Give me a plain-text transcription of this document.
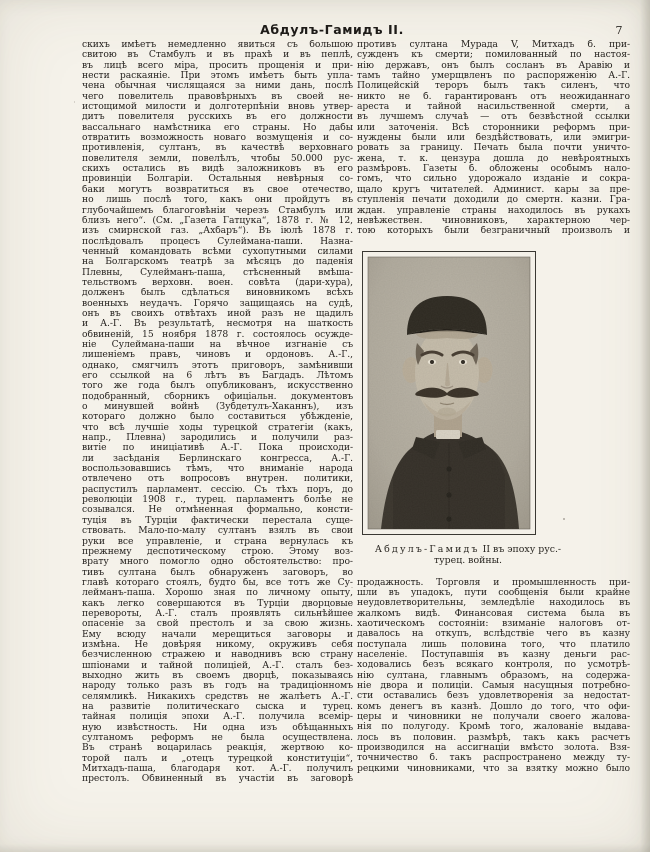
Абдулъ-Гамидъ II.	7
скихъ имѣетъ немедленно явиться съ большою
свитою въ Стамбулъ и въ прахѣ и въ пеплѣ,
въ лицѣ всего міра, просить прощенія и при-
нести раскаяніе. При этомъ имѣетъ быть упла-
чена обычная числящаяся за ними дань, послѣ
чего повелитель правовѣрныхъ въ своей не-
истощимой милости и долготерпѣніи вновь утвер-
дитъ повелителя русскихъ въ его должности
вассальнаго намѣстника его страны. Но дабы
отвратить возможность новаго возмущенія и со-
противленія, султанъ, въ качествѣ верховнаго
повелителя земли, повелѣлъ, чтобы 50.000 рус-
скихъ остались въ видѣ заложниковъ въ его
провинціи Болгаріи. Остальныя невѣрныя со-
баки могутъ возвратиться въ свое отечество,
но лишь послѣ того, какъ они пройдутъ въ
глубочайшемъ благоговѣніи черезъ Стамбулъ или
близъ него“. (См. „Газета Гатцука“, 1878 г. № 12,
изъ смирнской газ. „Ахбаръ“). Въ іюлѣ 1878 г.
послѣдовалъ процесъ Сулеймана-паши. Назна-
ченный командовать всѣми сухопутными силами
на Болгарскомъ театрѣ за мѣсяцъ до паденія
Плевны, Сулейманъ-паша, стѣсненный вмѣша-
тельствомъ верховн. воен. совѣта (дари-хура),
долженъ былъ сдѣлаться виновникомъ всѣхъ
военныхъ неудачъ. Горячо защищаясь на судѣ,
онъ въ своихъ отвѣтахъ иной разъ не щадилъ
и А.-Г. Въ результатѣ, несмотря на шаткость
обвиненій, 15 ноября 1878 г. состоялось осужде-
ніе Сулеймана-паши на вѣчное изгнаніе съ
лишеніемъ правъ, чиновъ и ордоновъ. А.-Г.,
однако, смягчилъ этотъ приговоръ, замѣнивши
его ссылкой на 6 лѣтъ въ Багдадъ. Лѣтомъ
того же года былъ опубликованъ, искусственно
подобранный, сборникъ офиціальн. документовъ
о минувшей войнѣ (Зубдетулъ-Хаканнъ), изъ
котораго должно было составиться убѣжденіе,
что всѣ лучшіе ходы турецкой стратегіи (какъ,
напр., Плевна) зародились и получили раз-
витіе по иниціативѣ А.-Г. Пока происходи-
ли засѣданія Берлинскаго конгресса, А.-Г.
воспользовавшись тѣмъ, что вниманіе народа
отвлечено отъ вопросовъ внутрен. политики,
распустилъ парламент. сессію. Съ тѣхъ поръ, до
революціи 1908 г., турец. парламентъ болѣе не
созывался. Не отмѣненная формально, консти-
туція въ Турціи фактически перестала суще-
ствовать. Мало-по-малу султанъ взялъ въ свои
руки все управленіе, и страна вернулась къ
прежнему деспотическому строю. Этому воз-
врату много помогло одно обстоятельство: про-
тивъ султана былъ обнаруженъ заговоръ, во
главѣ котораго стоялъ, будто бы, все тотъ же Су-
лейманъ-паша. Хорошо зная по личному опыту,
какъ легко совершаются въ Турціи дворцовые
перевороты, А.-Г. сталъ проявлять сильнѣйшее
опасеніе за свой престолъ и за свою жизнь.
Ему всюду начали мерещиться заговоры и
измѣна. Не довѣряя никому, окруживъ себя
безчисленною стражею и наводнивъ всю страну
шпіонами и тайной полиціей, А.-Г. сталъ без-
выходно жить въ своемъ дворцѣ, показываясь
народу только разъ въ годъ на традиціонномъ
селямликѣ. Никакихъ средствъ не жалѣетъ А.-Г.
на развитіе политическаго сыска и турец.
тайная полиція эпохи А.-Г. получила всемір-
ную извѣстность. Ни одна изъ обѣщанныхъ
султаномъ реформъ не была осуществлена.
Въ странѣ воцарилась реакція, жертвою ко-
торой палъ и „отецъ турецкой конституціи“,
Митхадъ-паша, благодаря кот. А.-Г. получилъ
престолъ. Обвиненный въ участіи въ заговорѣ
противъ султана Мурада V, Митхадъ б. при-
сужденъ къ смерти; помилованный по настоя-
нію державъ, онъ былъ сосланъ въ Аравію и
тамъ тайно умерщвленъ по распоряженію А.-Г.
Полицейскій тероръ былъ такъ силенъ, что
никто не б. гарантированъ отъ неожиданнаго
ареста и тайной насильственной смерти, а
въ лучшемъ случаѣ — отъ безвѣстной ссылки
или заточенія. Всѣ сторонники реформъ при-
нуждены были или бездѣйствовать, или эмигри-
ровать за границу. Печать была почти уничто-
жена, т. к. цензура дошла до невѣроятныхъ
размѣровъ. Газеты б. обложены особымъ нало-
гомъ, что сильно удорожало изданіе и сокра-
щало кругъ читателей. Админист. кары за пре-
ступленія печати доходили до смертн. казни. Гра-
ждан. управленіе страны находилось въ рукахъ
невѣжествен. чиновниковъ, характерною чер-
тою которыхъ были безграничный произволъ и
Абдулъ-Гамидъ II въ эпоху рус.-
турец. войны.
продажность. Торговля и промышленность при-
шли въ упадокъ, пути сообщенія были крайне
неудовлетворительны, земледѣліе находилось въ
жалкомъ видѣ. Финансовая система была въ
хаотическомъ состояніи: взиманіе налоговъ от-
давалось на откупъ, вслѣдствіе чего въ казну
поступала лишь половина того, что платило
населеніе. Поступавшія въ казну деньги рас-
ходовались безъ всякаго контроля, по усмотрѣ-
нію султана, главнымъ образомъ, на содержа-
ніе двора и полиціи. Самыя насущныя потребно-
сти оставались безъ удовлетворенія за недостат-
комъ денегъ въ казнѣ. Дошло до того, что офи-
церы и чиновники не получали своего жалова-
нія по полугоду. Кромѣ того, жалованіе выдава-
лось въ половин. размѣрѣ, такъ какъ расчетъ
производился на ассигнаціи вмѣсто золота. Взя-
точничество б. такъ распространено между ту-
рецкими чиновниками, что за взятку можно было
